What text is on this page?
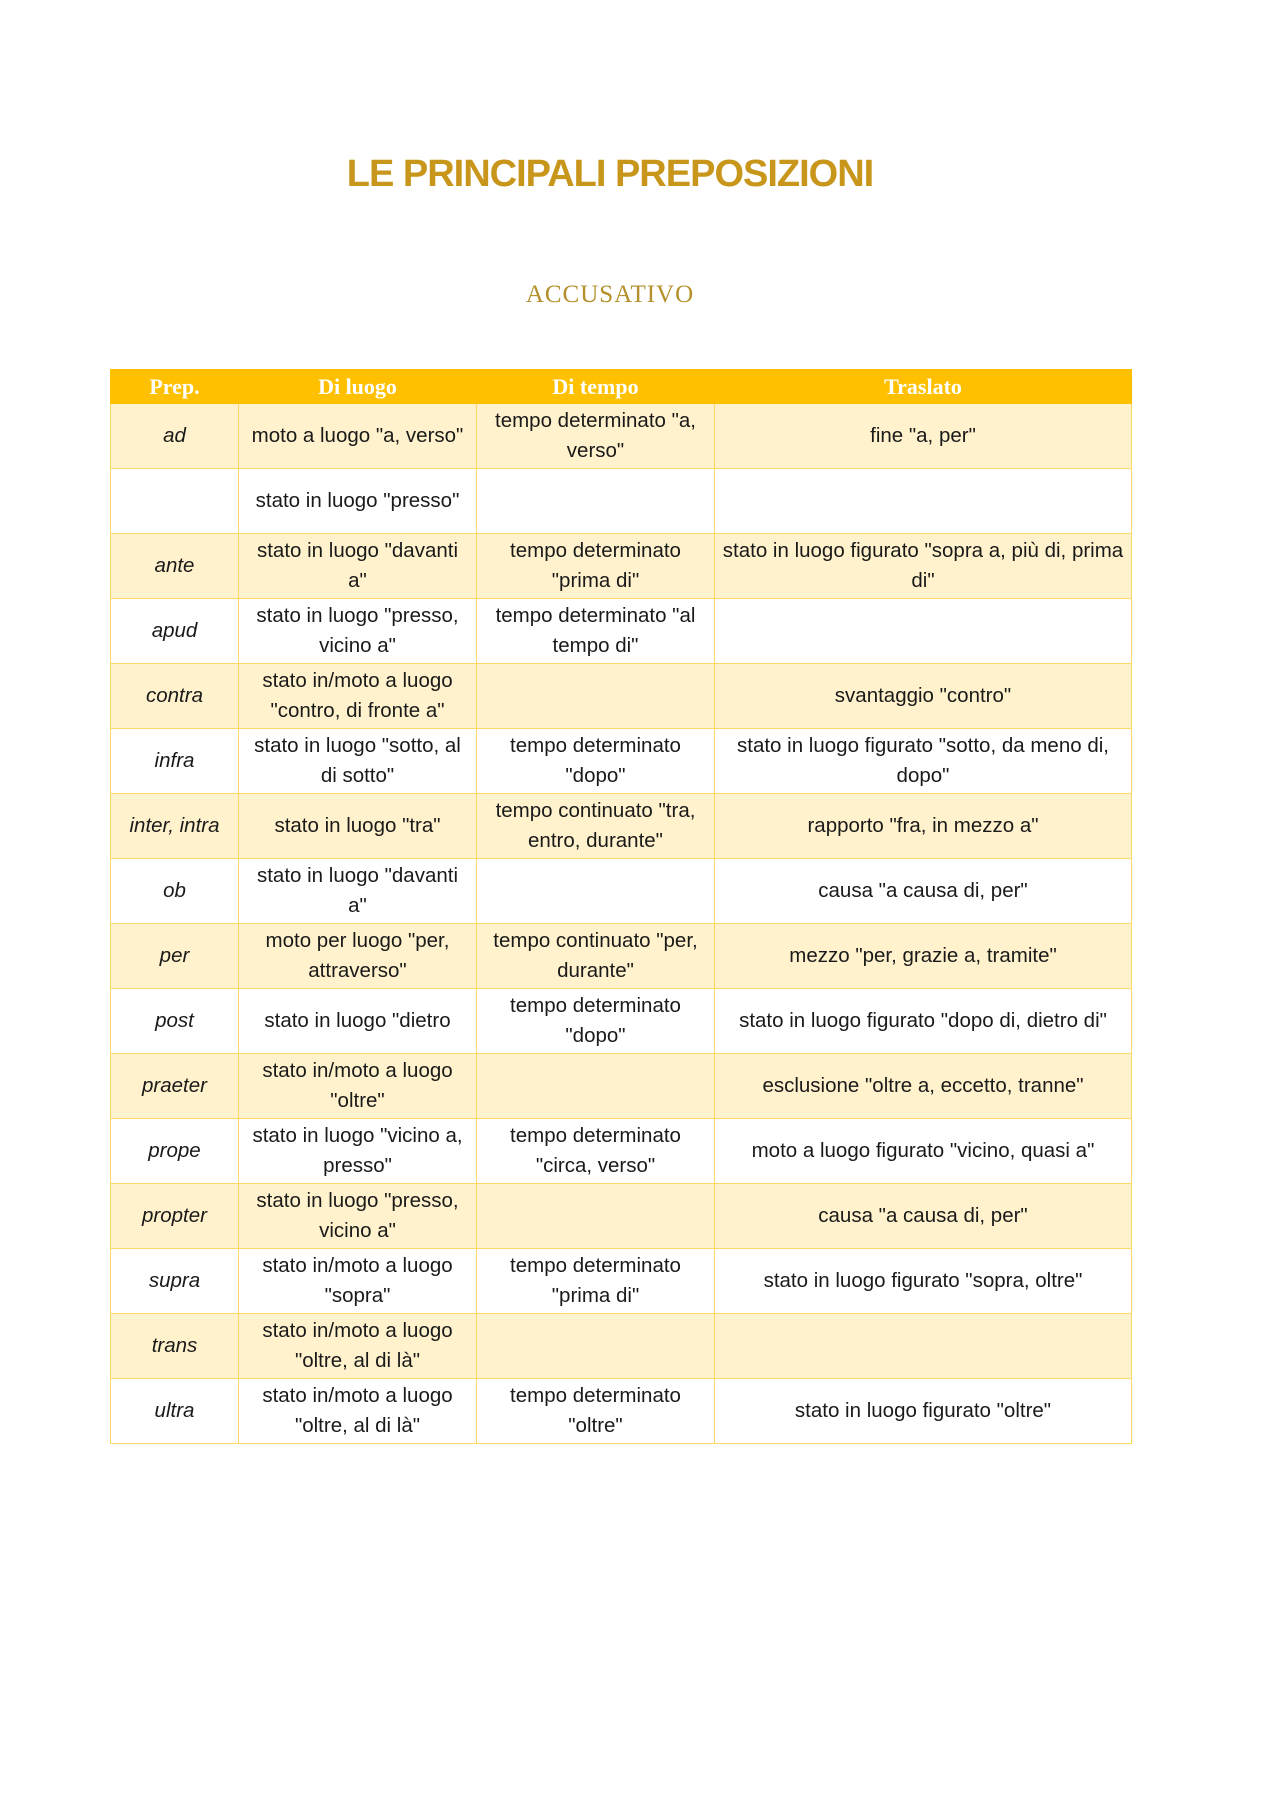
LE PRINCIPALI PREPOSIZIONI
ACCUSATIVO
Prep.	Di luogo	Di tempo	Traslato
ad	moto a luogo "a, verso"	tempo determinato "a, verso"	fine "a, per"
	stato in luogo "presso"		
ante	stato in luogo "davanti a"	tempo determinato "prima di"	stato in luogo figurato "sopra a, più di, prima di"
apud	stato in luogo "presso, vicino a"	tempo determinato "al tempo di"	
contra	stato in/moto a luogo "contro, di fronte a"		svantaggio "contro"
infra	stato in luogo "sotto, al di sotto"	tempo determinato "dopo"	stato in luogo figurato "sotto, da meno di, dopo"
inter, intra	stato in luogo "tra"	tempo continuato "tra, entro, durante"	rapporto "fra, in mezzo a"
ob	stato in luogo "davanti a"		causa "a causa di, per"
per	moto per luogo "per, attraverso"	tempo continuato "per, durante"	mezzo "per, grazie a, tramite"
post	stato in luogo "dietro	tempo determinato "dopo"	stato in luogo figurato "dopo di, dietro di"
praeter	stato in/moto a luogo "oltre"		esclusione "oltre a, eccetto, tranne"
prope	stato in luogo "vicino a, presso"	tempo determinato "circa, verso"	moto a luogo figurato "vicino, quasi a"
propter	stato in luogo "presso, vicino a"		causa "a causa di, per"
supra	stato in/moto a luogo "sopra"	tempo determinato "prima di"	stato in luogo figurato "sopra, oltre"
trans	stato in/moto a luogo "oltre, al di là"		
ultra	stato in/moto a luogo "oltre, al di là"	tempo determinato "oltre"	stato in luogo figurato "oltre"
